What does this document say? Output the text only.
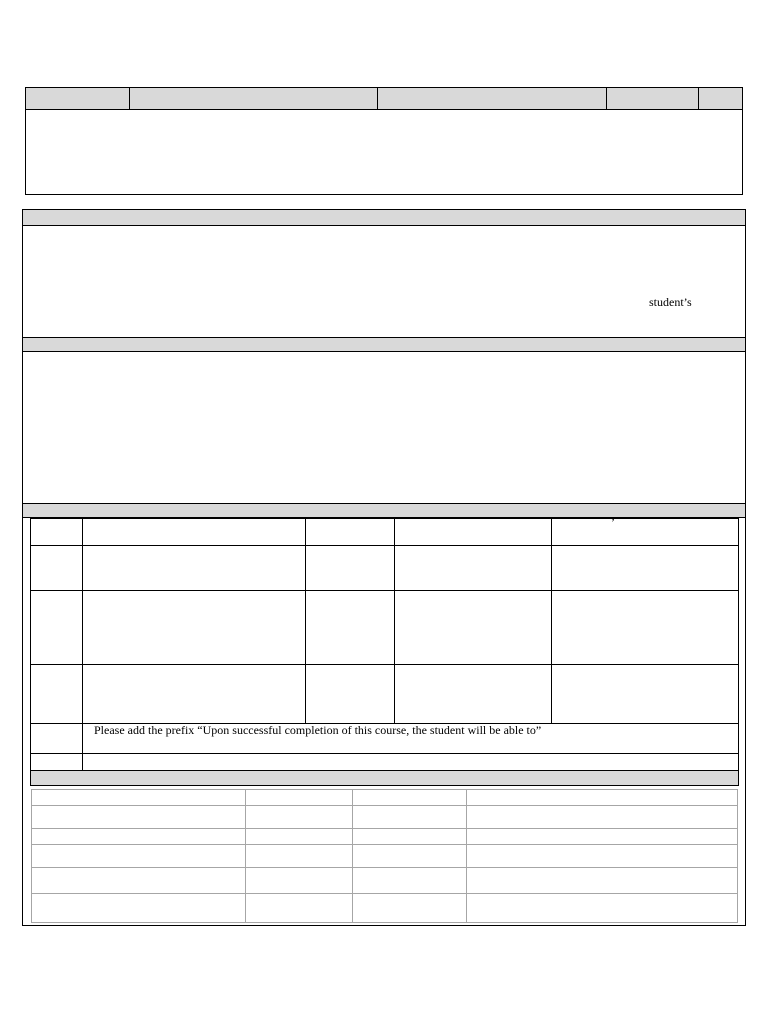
student’s
’
Please add the prefix “Upon successful completion of this course, the student will be able to”
